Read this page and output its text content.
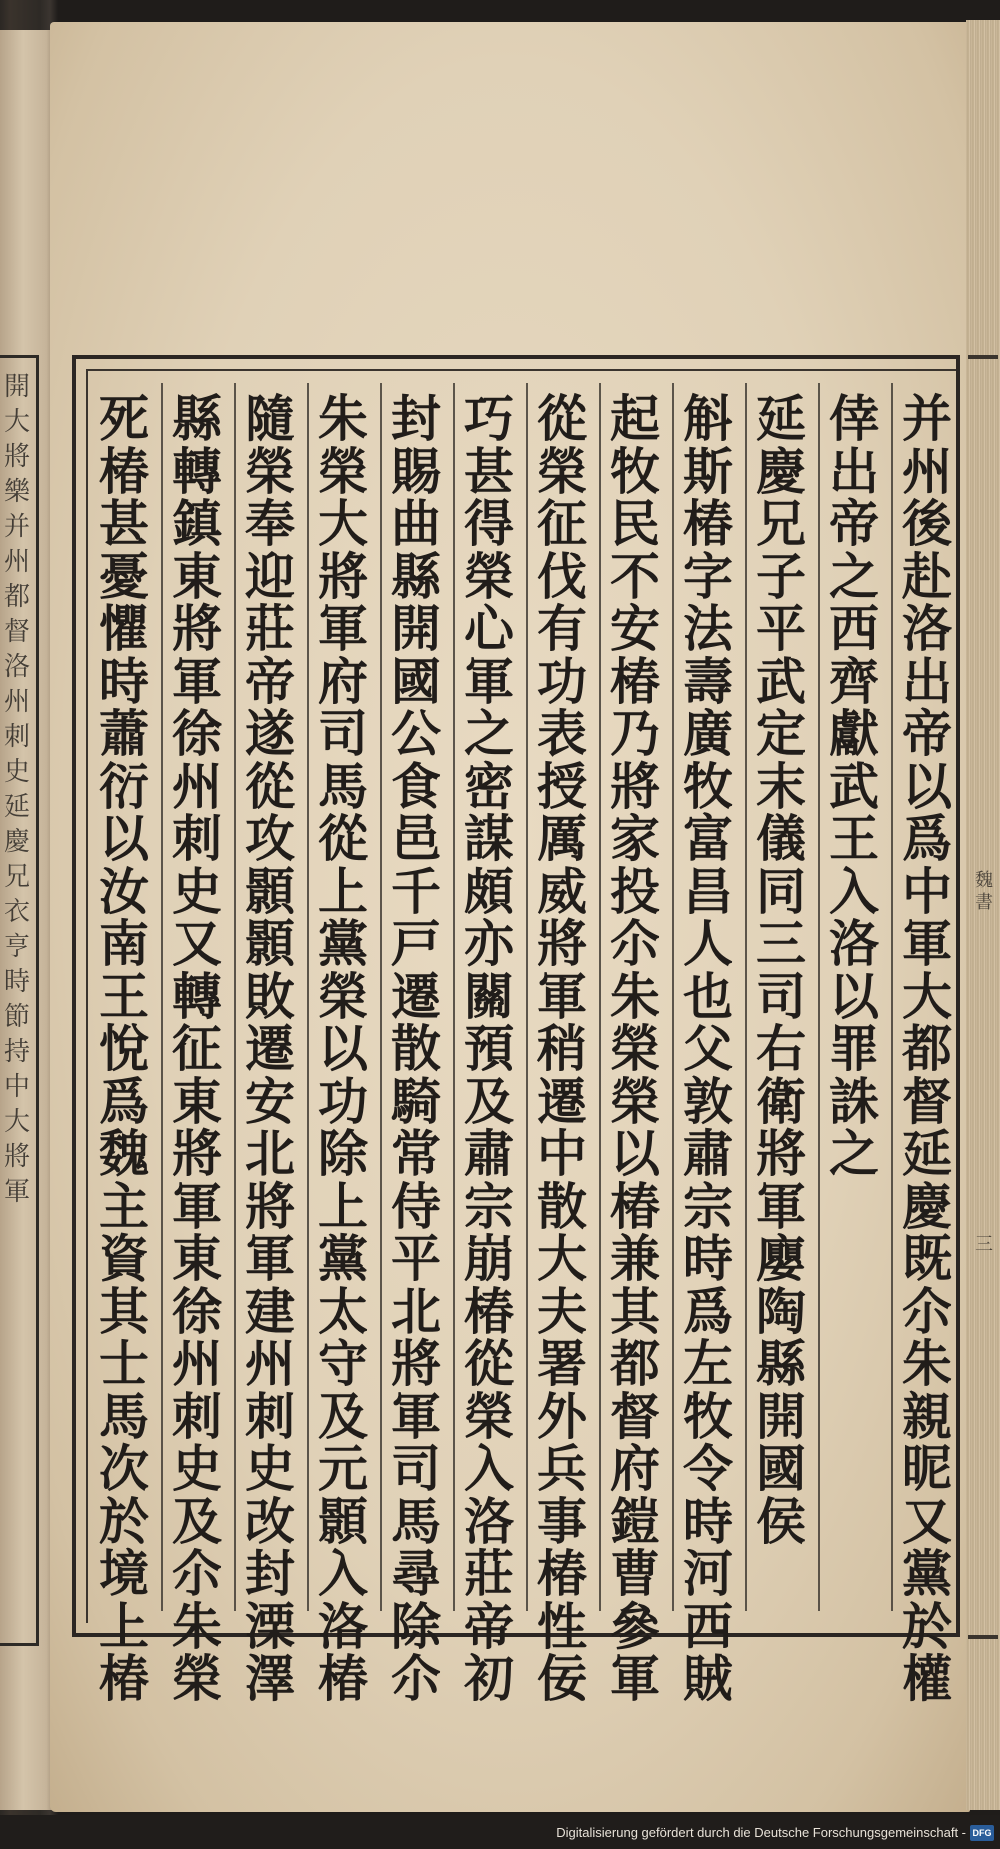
開大將樂并州都督洛州刺史延慶兄衣亨時節持中大將軍
魏書
三
并州後赴洛出帝以爲中軍大都督延慶既尒朱親昵又黨於權
倖出帝之西齊獻武王入洛以罪誅之
延慶兄子平武定末儀同三司右衛將軍廮陶縣開國侯
斛斯椿字法壽廣牧富昌人也父敦肅宗時爲左牧令時河西賊
起牧民不安椿乃將家投尒朱榮榮以椿兼其都督府鎧曹參軍
從榮征伐有功表授厲威將軍稍遷中散大夫署外兵事椿性佞
巧甚得榮心軍之密謀頗亦關預及肅宗崩椿從榮入洛莊帝初
封賜曲縣開國公食邑千戸遷散騎常侍平北將軍司馬尋除尒
朱榮大將軍府司馬從上黨榮以功除上黨太守及元顥入洛椿
隨榮奉迎莊帝遂從攻顥顥敗遷安北將軍建州刺史改封溧澤
縣轉鎮東將軍徐州刺史又轉征東將軍東徐州刺史及尒朱榮
死椿甚憂懼時蕭衍以汝南王悅爲魏主資其士馬次於境上椿
Digitalisierung gefördert durch die Deutsche Forschungsgemeinschaft - DFG
